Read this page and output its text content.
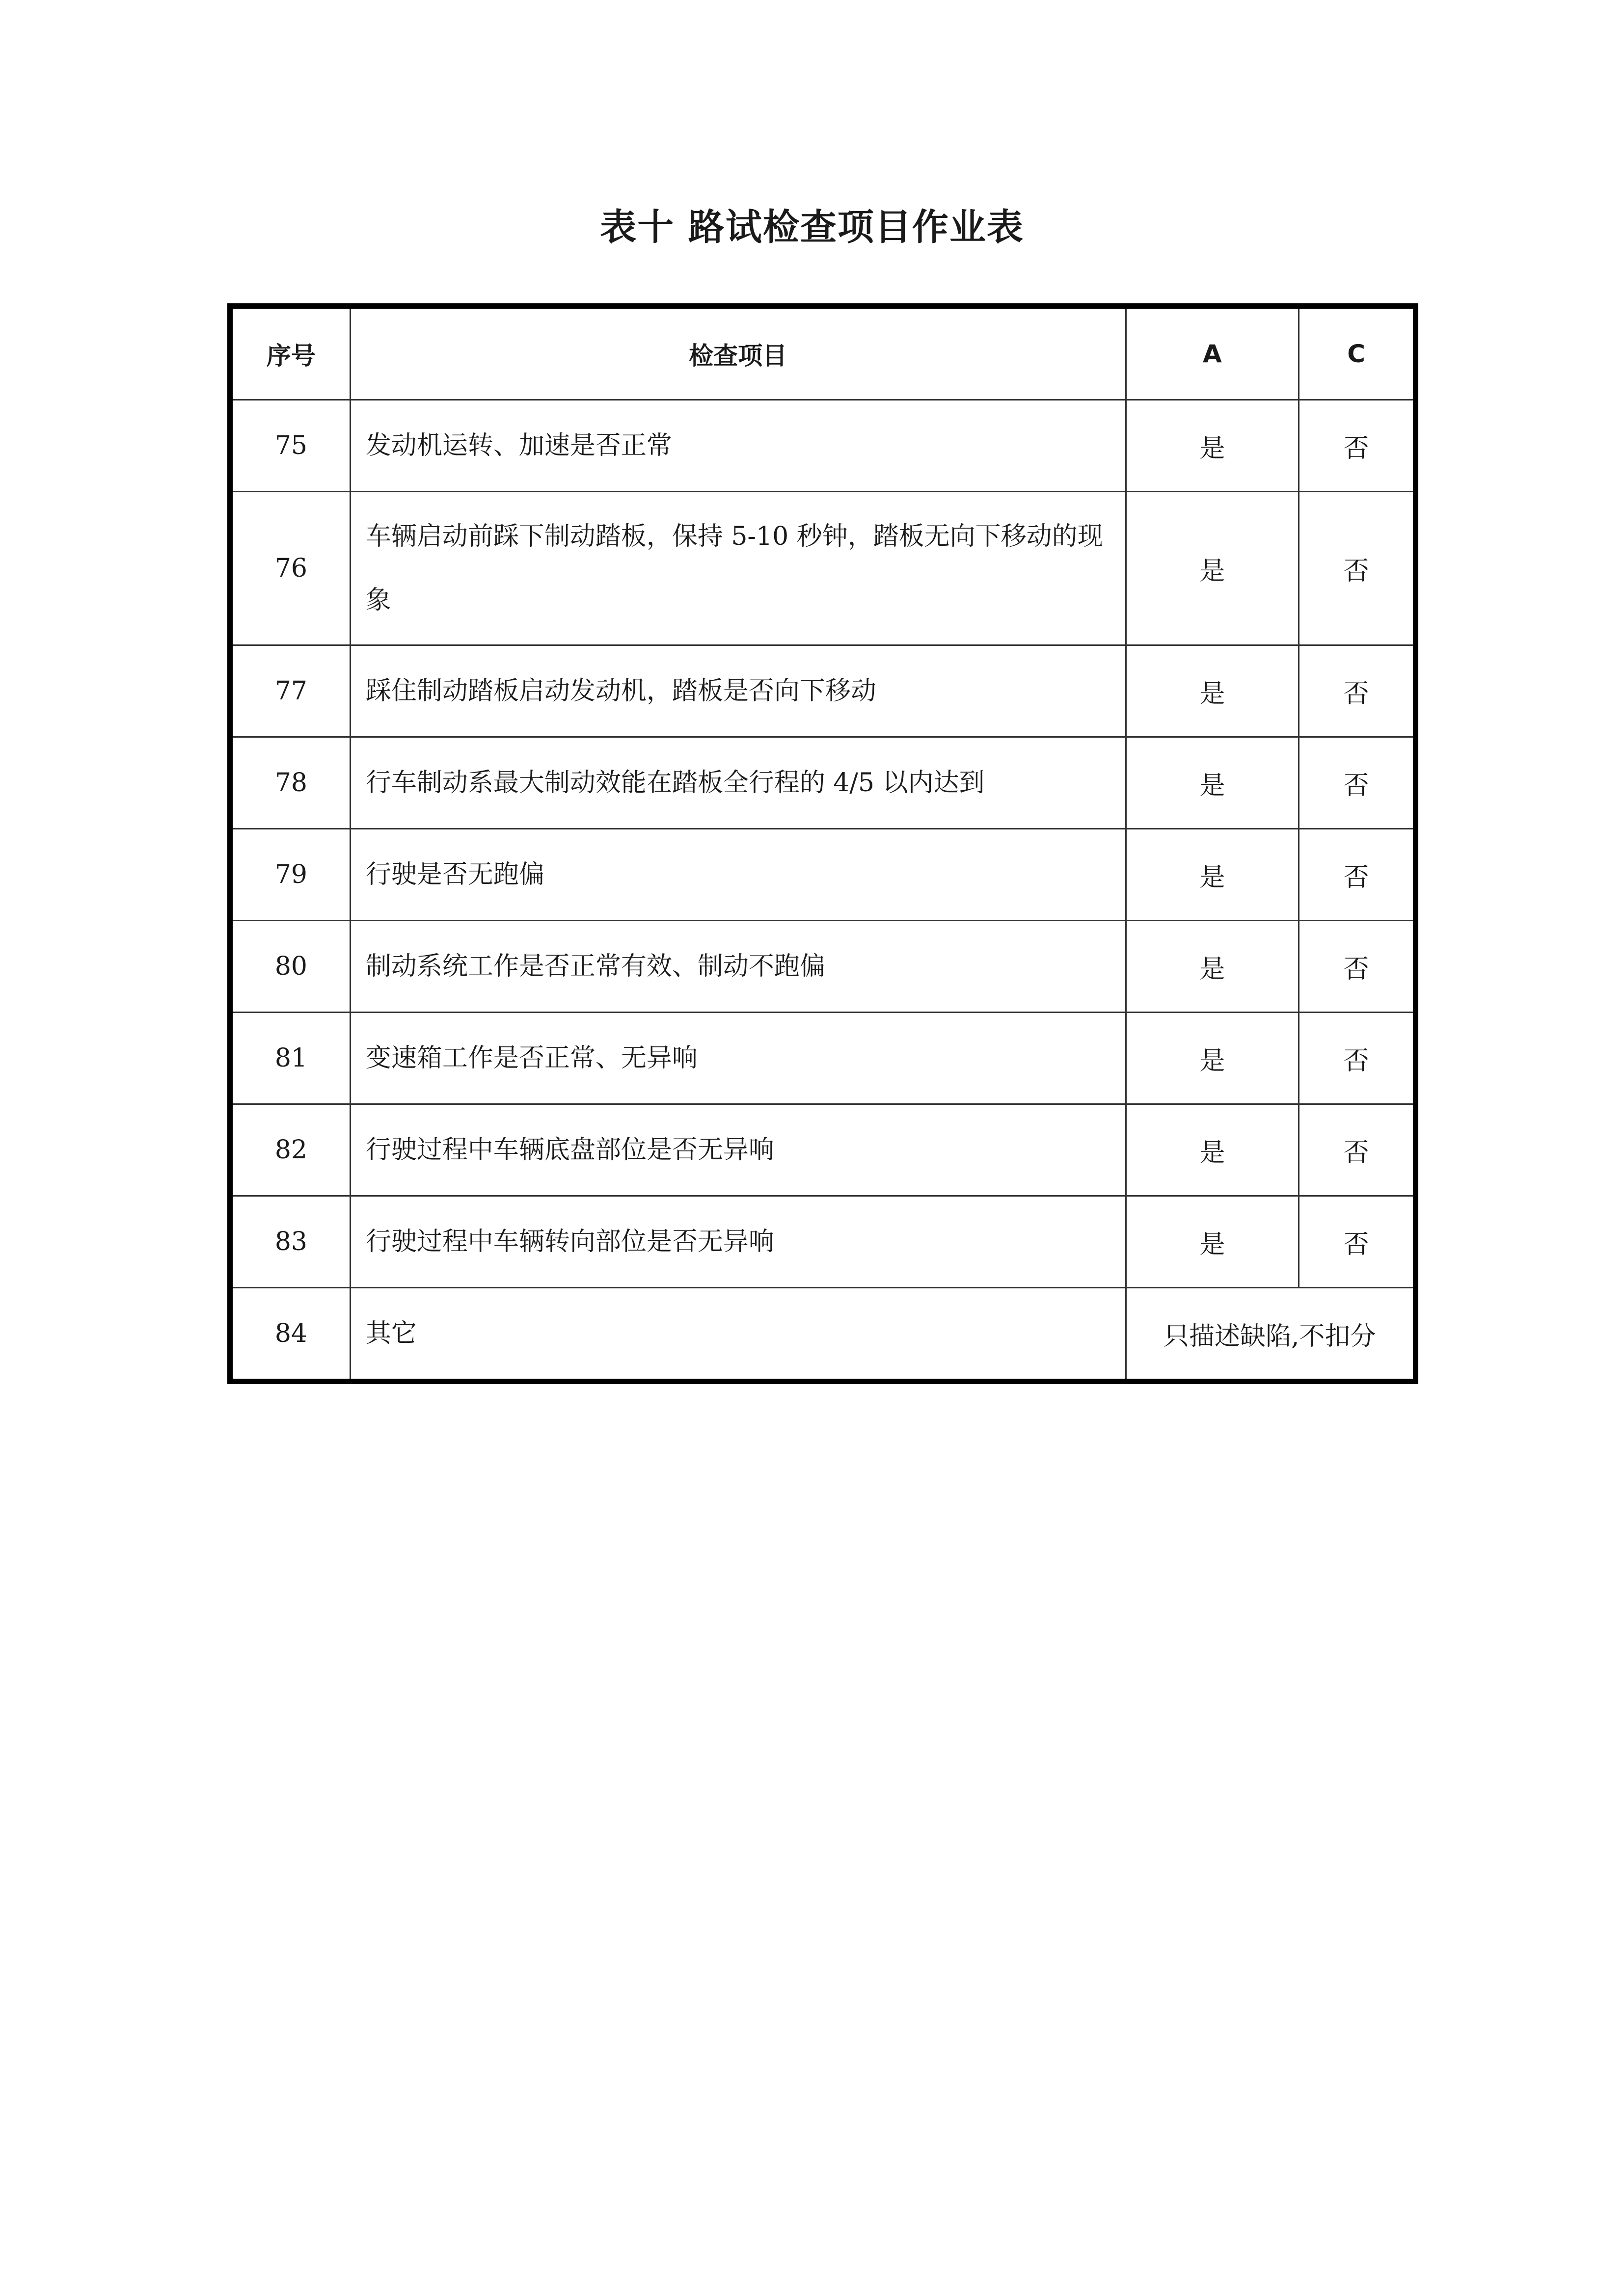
表十 路试检查项目作业表
序号	检查项目	A	C
75	发动机运转、加速是否正常	是	否
76	车辆启动前踩下制动踏板，保持 5-10 秒钟，踏板无向下移动的现象	是	否
77	踩住制动踏板启动发动机，踏板是否向下移动	是	否
78	行车制动系最大制动效能在踏板全行程的 4/5 以内达到	是	否
79	行驶是否无跑偏	是	否
80	制动系统工作是否正常有效、制动不跑偏	是	否
81	变速箱工作是否正常、无异响	是	否
82	行驶过程中车辆底盘部位是否无异响	是	否
83	行驶过程中车辆转向部位是否无异响	是	否
84	其它	只描述缺陷,不扣分	
